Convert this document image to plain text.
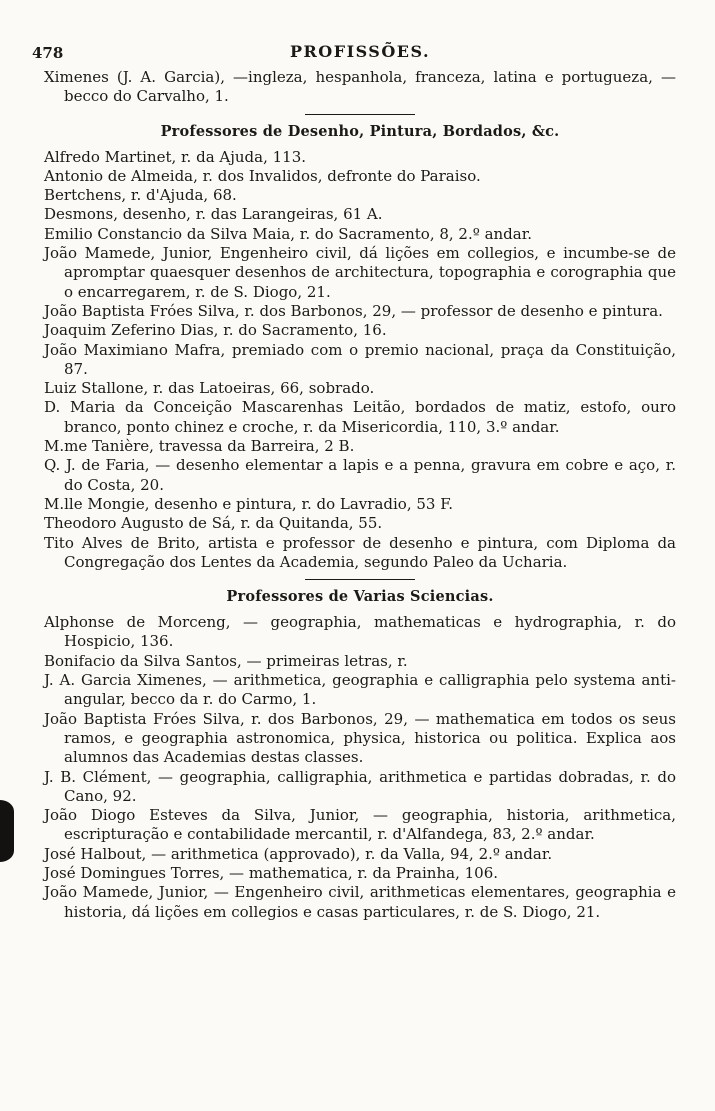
478	PROFISSÕES.

Ximenes (J. A. Garcia), —ingleza, hespanhola, franceza, latina e portugueza, — becco do Carvalho, 1.

Professores de Desenho, Pintura, Bordados, &c.

Alfredo Martinet, r. da Ajuda, 113.

Antonio de Almeida, r. dos Invalidos, defronte do Paraiso.

Bertchens, r. d'Ajuda, 68.

Desmons, desenho, r. das Larangeiras, 61 A.

Emilio Constancio da Silva Maia, r. do Sacramento, 8, 2.º andar.

João Mamede, Junior, Engenheiro civil, dá lições em collegios, e incumbe-se de apromptar quaesquer desenhos de architectura, topographia e corographia que o encarregarem, r. de S. Diogo, 21.

João Baptista Fróes Silva, r. dos Barbonos, 29, — professor de desenho e pintura.

Joaquim Zeferino Dias, r. do Sacramento, 16.

João Maximiano Mafra, premiado com o premio nacional, praça da Constituição, 87.

Luiz Stallone, r. das Latoeiras, 66, sobrado.

D. Maria da Conceição Mascarenhas Leitão, bordados de matiz, estofo, ouro branco, ponto chinez e croche, r. da Misericordia, 110, 3.º andar.

M.me Tanière, travessa da Barreira, 2 B.

Q. J. de Faria, — desenho elementar a lapis e a penna, gravura em cobre e aço, r. do Costa, 20.

M.lle Mongie, desenho e pintura, r. do Lavradio, 53 F.

Theodoro Augusto de Sá, r. da Quitanda, 55.

Tito Alves de Brito, artista e professor de desenho e pintura, com Diploma da Congregação dos Lentes da Academia, segundo Paleo da Ucharia.

Professores de Varias Sciencias.

Alphonse de Morceng, — geographia, mathematicas e hydrographia, r. do Hospicio, 136.

Bonifacio da Silva Santos, — primeiras letras, r.

J. A. Garcia Ximenes, — arithmetica, geographia e calligraphia pelo systema anti-angular, becco da r. do Carmo, 1.

João Baptista Fróes Silva, r. dos Barbonos, 29, — mathematica em todos os seus ramos, e geographia astronomica, physica, historica ou politica. Explica aos alumnos das Academias destas classes.

J. B. Clément, — geographia, calligraphia, arithmetica e partidas dobradas, r. do Cano, 92.

João Diogo Esteves da Silva, Junior, — geographia, historia, arithmetica, escripturação e contabilidade mercantil, r. d'Alfandega, 83, 2.º andar.

José Halbout, — arithmetica (approvado), r. da Valla, 94, 2.º andar.

José Domingues Torres, — mathematica, r. da Prainha, 106.

João Mamede, Junior, — Engenheiro civil, arithmeticas elementares, geographia e historia, dá lições em collegios e casas particulares, r. de S. Diogo, 21.
